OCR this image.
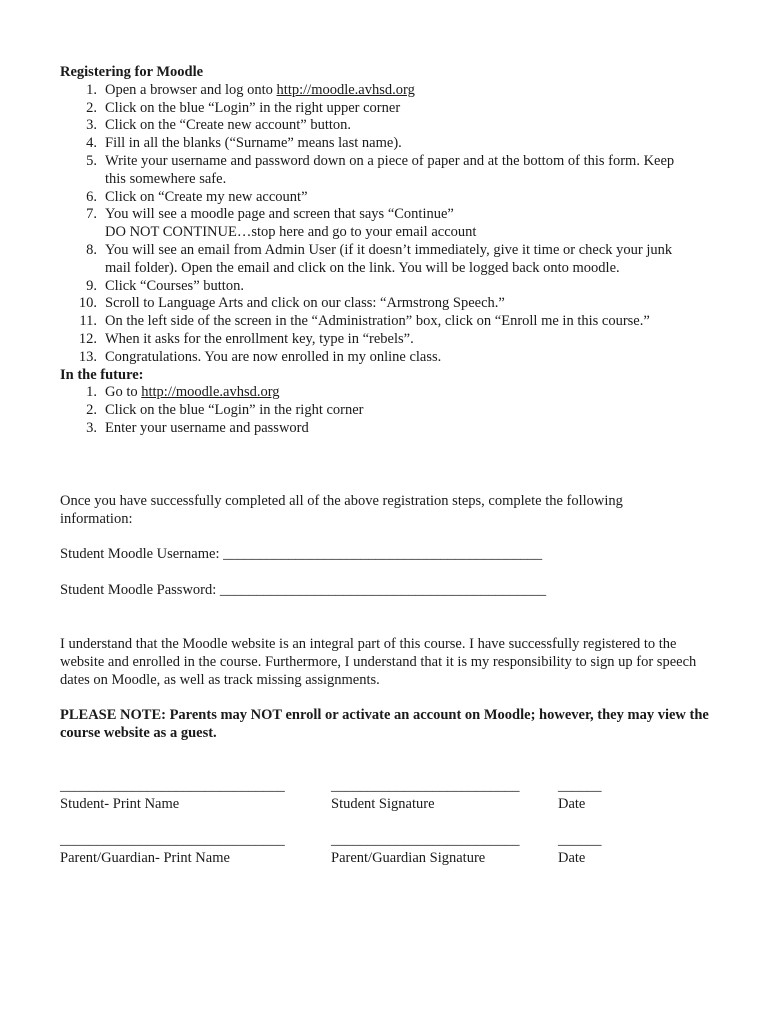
Registering for Moodle
1. Open a browser and log onto http://moodle.avhsd.org
2. Click on the blue “Login” in the right upper corner
3. Click on the “Create new account” button.
4. Fill in all the blanks (“Surname” means last name).
5. Write your username and password down on a piece of paper and at the bottom of this form. Keep this somewhere safe.
6. Click on “Create my new account”
7. You will see a moodle page and screen that says “Continue”
DO NOT CONTINUE…stop here and go to your email account
8. You will see an email from Admin User (if it doesn’t immediately, give it time or check your junk mail folder). Open the email and click on the link. You will be logged back onto moodle.
9. Click “Courses” button.
10. Scroll to Language Arts and click on our class: “Armstrong Speech.”
11. On the left side of the screen in the “Administration” box, click on “Enroll me in this course.”
12. When it asks for the enrollment key, type in “rebels”.
13. Congratulations. You are now enrolled in my online class.
In the future:
1. Go to http://moodle.avhsd.org
2. Click on the blue “Login” in the right corner
3. Enter your username and password
Once you have successfully completed all of the above registration steps, complete the following information:
Student Moodle Username: ____________________________________________
Student Moodle Password: _____________________________________________
I understand that the Moodle website is an integral part of this course. I have successfully registered to the website and enrolled in the course. Furthermore, I understand that it is my responsibility to sign up for speech dates on Moodle, as well as track missing assignments.
PLEASE NOTE: Parents may NOT enroll or activate an account on Moodle; however, they may view the course website as a guest.
_______________________________
Student- Print Name
__________________________
Student Signature
______
Date
_______________________________
Parent/Guardian- Print Name
__________________________
Parent/Guardian Signature
______
Date
